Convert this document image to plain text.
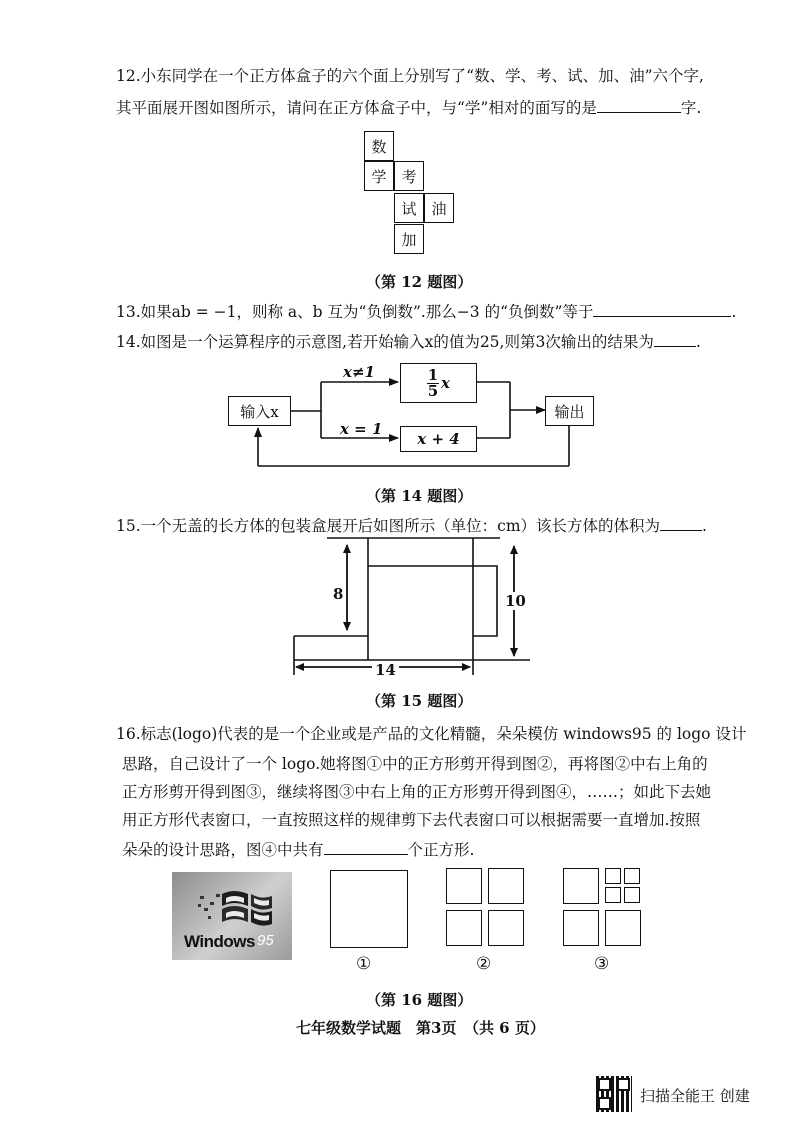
12.小东同学在一个正方体盒子的六个面上分别写了“数、学、考、试、加、油”六个字,
其平面展开图如图所示，请问在正方体盒子中，与“学”相对的面写的是	字.
数
学 考
试 油
加
（第 12 题图）
13.如果ab = −1，则称 a、b 互为“负倒数”.那么−3 的“负倒数”等于	.
14.如图是一个运算程序的示意图,若开始输入x的值为25,则第3次输出的结果为	.
输入x
1
5 x
x + 4
输出
x≠1
x = 1
（第 14 题图）
15.一个无盖的长方体的包装盒展开后如图所示（单位：cm）该长方体的体积为	.
8	10
14
（第 15 题图）
16.标志(logo)代表的是一个企业或是产品的文化精髓，朵朵模仿 windows95 的 logo 设计
思路，自己设计了一个 logo.她将图①中的正方形剪开得到图②，再将图②中右上角的
正方形剪开得到图③，继续将图③中右上角的正方形剪开得到图④，……；如此下去她
用正方形代表窗口，一直按照这样的规律剪下去代表窗口可以根据需要一直增加.按照
朵朵的设计思路，图④中共有	个正方形.
Windows 95
①	②	③
（第 16 题图）
七年级数学试题　第3页　（共 6 页）
扫描全能王 创建
